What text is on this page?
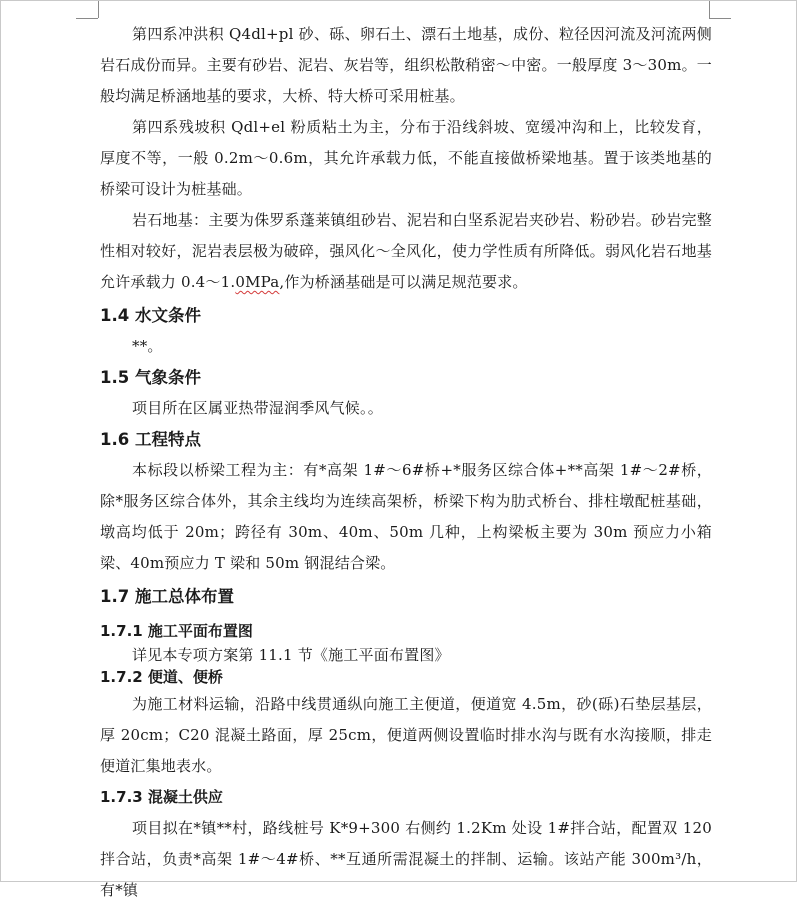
第四系冲洪积 Q4dl+pl 砂、砾、卵石土、漂石土地基，成份、粒径因河流及河流两侧岩石成份而异。主要有砂岩、泥岩、灰岩等，组织松散稍密～中密。一般厚度 3～30m。一般均满足桥涵地基的要求，大桥、特大桥可采用桩基。

第四系残坡积 Qdl+el 粉质粘土为主，分布于沿线斜坡、宽缓冲沟和上，比较发育，厚度不等，一般 0.2m～0.6m，其允许承载力低，不能直接做桥梁地基。置于该类地基的桥梁可设计为桩基础。

岩石地基：主要为侏罗系蓬莱镇组砂岩、泥岩和白坚系泥岩夹砂岩、粉砂岩。砂岩完整性相对较好，泥岩表层极为破碎，强风化～全风化，使力学性质有所降低。弱风化岩石地基允许承载力 0.4～1.0MPa,作为桥涵基础是可以满足规范要求。

1.4 水文条件

**。

1.5 气象条件

项目所在区属亚热带湿润季风气候。。

1.6 工程特点

本标段以桥梁工程为主：有*高架 1#～6#桥+*服务区综合体+**高架 1#～2#桥，除*服务区综合体外，其余主线均为连续高架桥，桥梁下构为肋式桥台、排柱墩配桩基础，墩高均低于 20m；跨径有 30m、40m、50m 几种，上构梁板主要为 30m 预应力小箱梁、40m预应力 T 梁和 50m 钢混结合梁。

1.7 施工总体布置
1.7.1 施工平面布置图

详见本专项方案第 11.1 节《施工平面布置图》

1.7.2 便道、便桥

为施工材料运输，沿路中线贯通纵向施工主便道，便道宽 4.5m，砂(砾)石垫层基层，厚 20cm；C20 混凝土路面，厚 25cm，便道两侧设置临时排水沟与既有水沟接顺，排走便道汇集地表水。

1.7.3 混凝土供应

项目拟在*镇**村，路线桩号 K*9+300 右侧约 1.2Km 处设 1#拌合站，配置双 120 拌合站，负责*高架 1#～4#桥、**互通所需混凝土的拌制、运输。该站产能 300m³/h，有*镇
